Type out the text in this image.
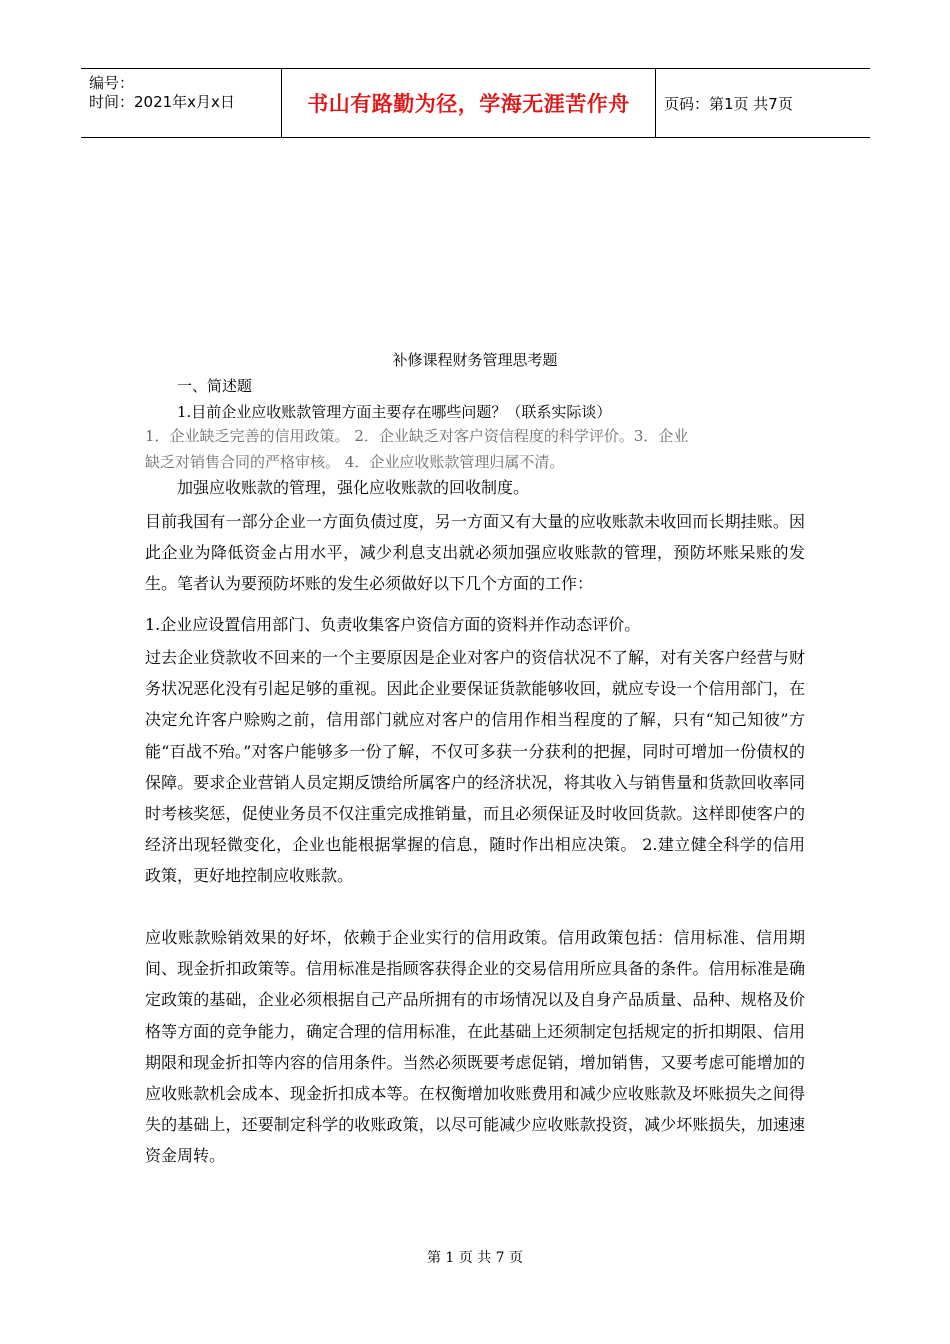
编号：
时间：2021年x月x日	书山有路勤为径，学海无涯苦作舟 页码：第1页 共7页
补修课程财务管理思考题
一、简述题
1.目前企业应收账款管理方面主要存在哪些问题？（联系实际谈）
1．企业缺乏完善的信用政策。 2．企业缺乏对客户资信程度的科学评价。3．企业
缺乏对销售合同的严格审核。 4．企业应收账款管理归属不清。
加强应收账款的管理，强化应收账款的回收制度。

目前我国有一部分企业一方面负债过度，另一方面又有大量的应收账款未收回而长期挂账。因此企业为降低资金占用水平，减少利息支出就必须加强应收账款的管理，预防坏账呆账的发生。笔者认为要预防坏账的发生必须做好以下几个方面的工作：

1.企业应设置信用部门、负责收集客户资信方面的资料并作动态评价。

过去企业贷款收不回来的一个主要原因是企业对客户的资信状况不了解，对有关客户经营与财务状况恶化没有引起足够的重视。因此企业要保证货款能够收回，就应专设一个信用部门，在决定允许客户赊购之前，信用部门就应对客户的信用作相当程度的了解，只有“知己知彼”方能“百战不殆。”对客户能够多一份了解，不仅可多获一分获利的把握，同时可增加一份债权的保障。要求企业营销人员定期反馈给所属客户的经济状况，将其收入与销售量和货款回收率同时考核奖惩，促使业务员不仅注重完成推销量，而且必须保证及时收回货款。这样即使客户的经济出现轻微变化，企业也能根据掌握的信息，随时作出相应决策。 2.建立健全科学的信用政策，更好地控制应收账款。

应收账款赊销效果的好坏，依赖于企业实行的信用政策。信用政策包括：信用标准、信用期间、现金折扣政策等。信用标准是指顾客获得企业的交易信用所应具备的条件。信用标准是确定政策的基础，企业必须根据自己产品所拥有的市场情况以及自身产品质量、品种、规格及价格等方面的竞争能力，确定合理的信用标准，在此基础上还须制定包括规定的折扣期限、信用期限和现金折扣等内容的信用条件。当然必须既要考虑促销，增加销售，又要考虑可能增加的应收账款机会成本、现金折扣成本等。在权衡增加收账费用和减少应收账款及坏账损失之间得失的基础上，还要制定科学的收账政策，以尽可能减少应收账款投资，减少坏账损失，加速速资金周转。

第 1 页 共 7 页
